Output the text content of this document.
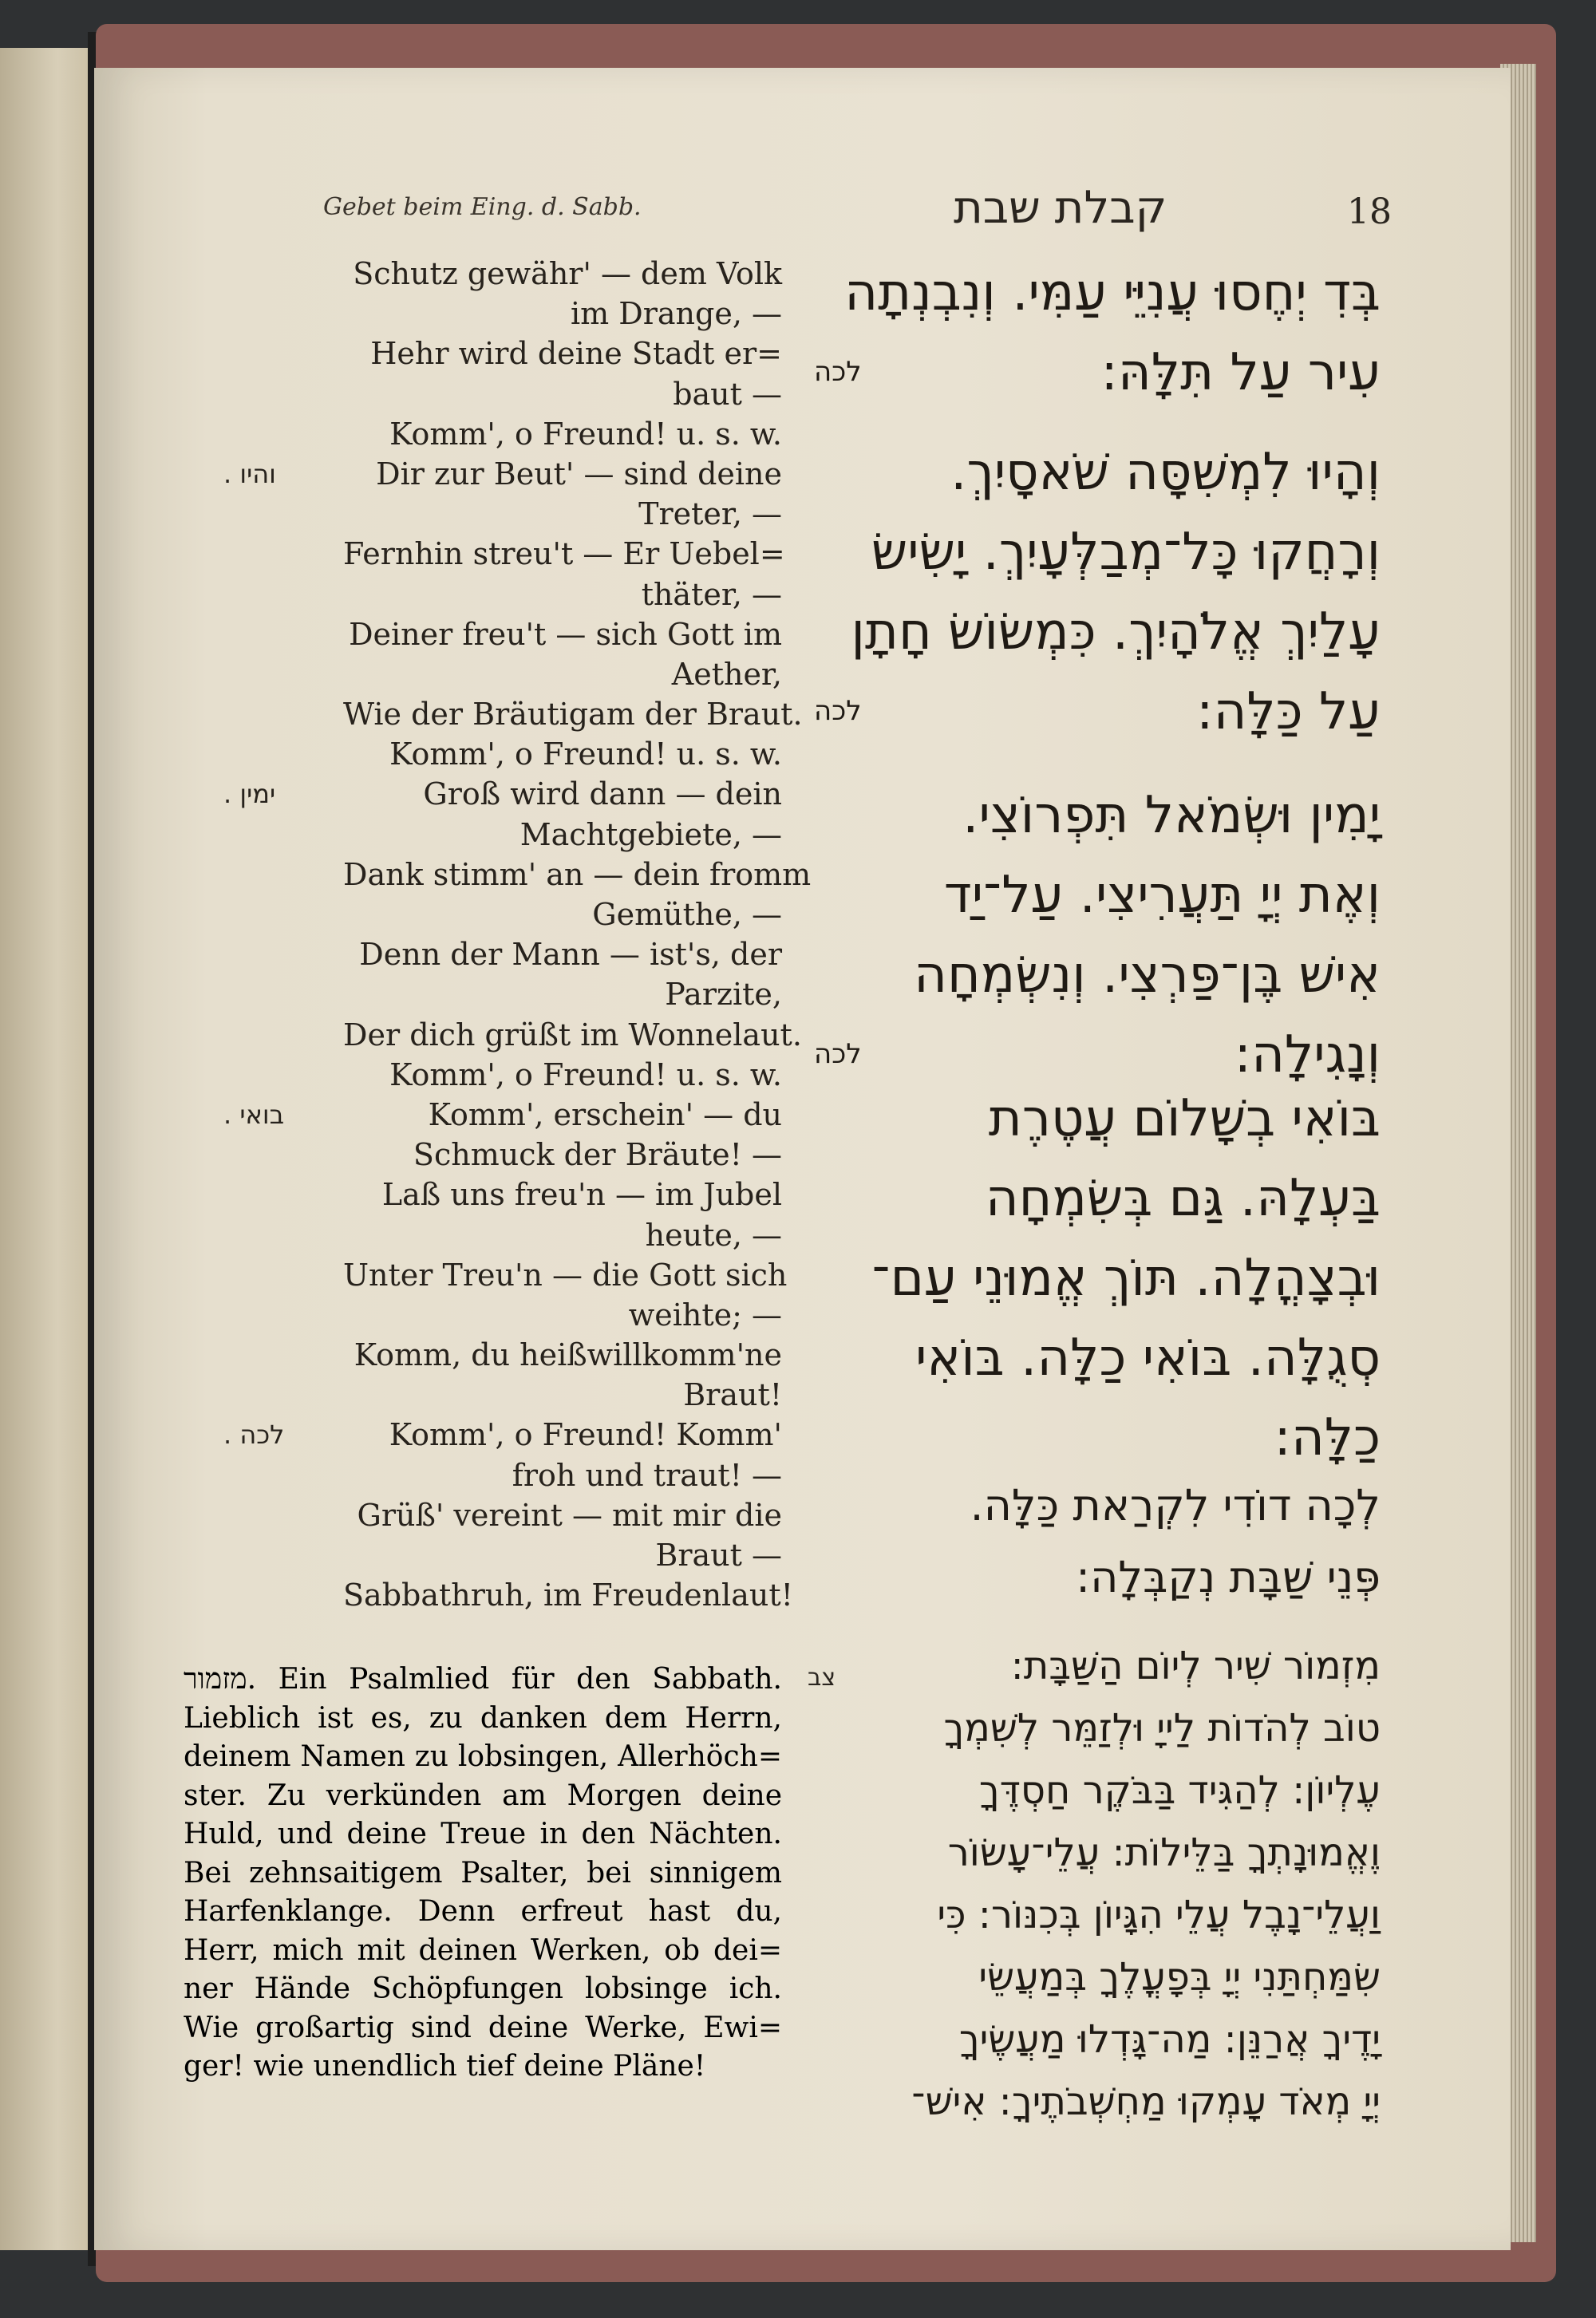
Gebet beim Eing. d. Sabb.	קבלת שבת	18
Schutz gewähr' — dem Volk
im Drange, —
Hehr wird deine Stadt er=
baut —
Komm', o Freund! u. s. w.
והיו .	Dir zur Beut' — sind deine
Treter, —
Fernhin streu't — Er Uebel=
thäter, —
Deiner freu't — sich Gott im
Aether,
Wie der Bräutigam der Braut.
Komm', o Freund! u. s. w.
ימין .	Groß wird dann — dein
Machtgebiete, —
Dank stimm' an — dein fromm
Gemüthe, —
Denn der Mann — ist's, der
Parzite,
Der dich grüßt im Wonnelaut.
Komm', o Freund! u. s. w.
בואי .	Komm', erschein' — du
Schmuck der Bräute! —
Laß uns freu'n — im Jubel
heute, —
Unter Treu'n — die Gott sich
weihte; —
Komm, du heißwillkomm'ne
Braut!
לכה .	Komm', o Freund! Komm'
froh und traut! —
Grüß' vereint — mit mir die
Braut —
Sabbathruh, im Freudenlaut!
מזמור. Ein Psalmlied für den Sabbath.
Lieblich ist es, zu danken dem Herrn,
deinem Namen zu lobsingen, Allerhöch=
ster. Zu verkünden am Morgen deine
Huld, und deine Treue in den Nächten.
Bei zehnsaitigem Psalter, bei sinnigem
Harfenklange. Denn erfreut hast du,
Herr, mich mit deinen Werken, ob dei=
ner Hände Schöpfungen lobsinge ich.
Wie großartig sind deine Werke, Ewi=
ger! wie unendlich tief deine Pläne!
בְּדִ יְחֶסוּ עֲנִיֵּי עַמִּי. וְנִבְנְתָה
עִיר עַל תִּלָּהּ:
לכה
וְהָיוּ לִמְשִׁסָּה שֹׁאסָיִךְ.
וְרָחֲקוּ כָּל־מְבַלְּעָיִךְ. יָשִׂישׂ
עָלַיִךְ אֱלֹהָיִךְ. כִּמְשׂוֹשׂ חָתָן
עַל כַּלָּה:
לכה
יָמִין וּשְׂמֹאל תִּפְרוֹצִי.
וְאֶת יְיָ תַּעֲרִיצִי. עַל־יַד
אִישׁ בֶּן־פַּרְצִי. וְנִשְׂמְחָה
וְנָגִילָה:
לכה
בּוֹאִי בְשָׁלוֹם עֲטֶרֶת
בַּעְלָהּ. גַּם בְּשִׂמְחָה
וּבְצָהֳלָה. תּוֹךְ אֱמוּנֵי עַם־
סְגֻלָּה. בּוֹאִי כַלָּה. בּוֹאִי
כַלָּה:
לְכָה דוֹדִי לִקְרַאת כַּלָּה.
פְּנֵי שַׁבָּת נְקַבְּלָה:
מִזְמוֹר שִׁיר לְיוֹם הַשַּׁבָּת:
טוֹב לְהֹדוֹת לַייָ וּלְזַמֵּר לְשִׁמְךָ
עֶלְיוֹן: לְהַגִּיד בַּבֹּקֶר חַסְדֶּךָ
וֶאֱמוּנָתְךָ בַּלֵּילוֹת: עֲלֵי־עָשׂוֹר
וַעֲלֵי־נָבֶל עֲלֵי הִגָּיוֹן בְּכִנּוֹר: כִּי
שִׂמַּחְתַּנִי יְיָ בְּפָעֳלֶךָ בְּמַעֲשֵׂי
יָדֶיךָ אֲרַנֵּן: מַה־גָּדְלוּ מַעֲשֶׂיךָ
יְיָ מְאֹד עָמְקוּ מַחְשְׁבֹתֶיךָ: אִישׁ־
צב
